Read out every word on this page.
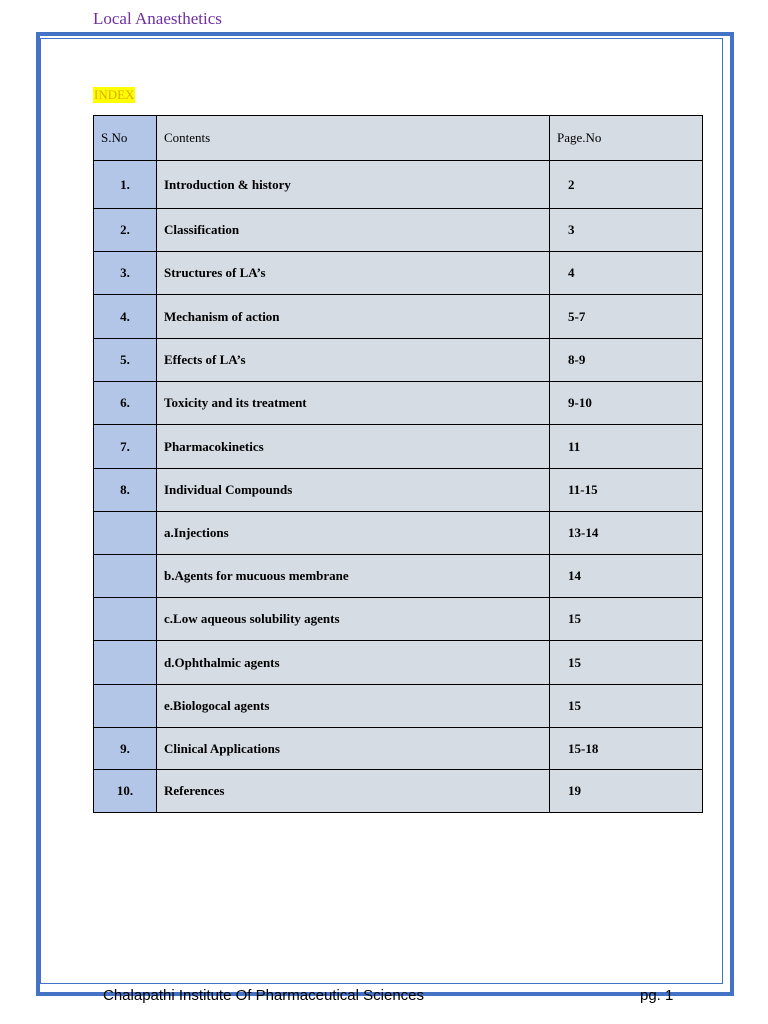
Local Anaesthetics
INDEX
S.No	Contents	Page.No
1.	Introduction & history	2
2.	Classification	3
3.	Structures of LA’s	4
4.	Mechanism of action	5-7
5.	Effects of LA’s	8-9
6.	Toxicity and its treatment	9-10
7.	Pharmacokinetics	11
8.	Individual Compounds	11-15
	a.Injections	13-14
	b.Agents for mucuous membrane	14
	c.Low aqueous solubility agents	15
	d.Ophthalmic agents	15
	e.Biologocal agents	15
9.	Clinical Applications	15-18
10.	References	19
Chalapathi Institute Of Pharmaceutical Sciences	pg. 1
